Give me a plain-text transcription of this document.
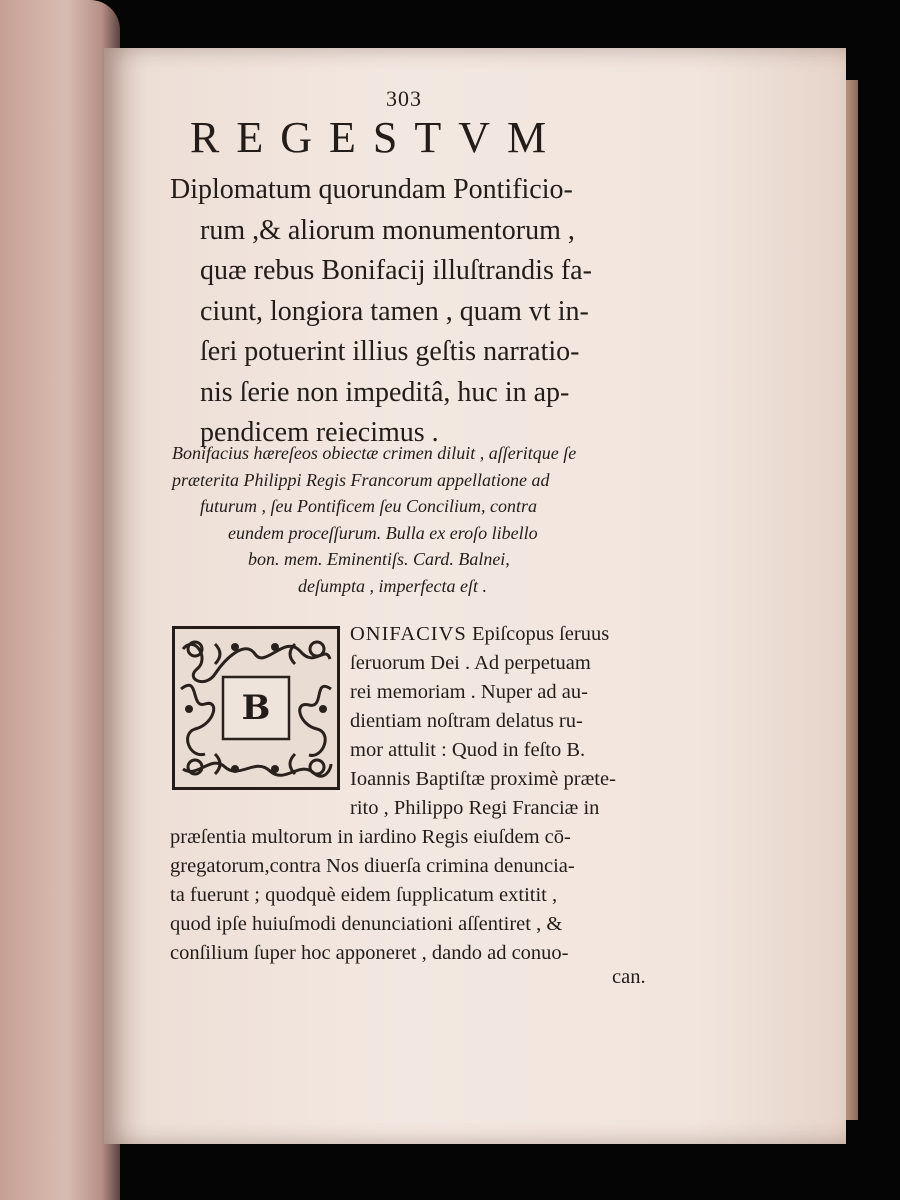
303
REGESTVM
Diplomatum quorundam Pontificio-
rum ,& aliorum monumentorum ,
quæ rebus Bonifacij illuſtrandis fa-
ciunt, longiora tamen , quam vt in-
ſeri potuerint illius geſtis narratio-
nis ſerie non impeditâ, huc in ap-
pendicem reiecimus .
Bonifacius hæreſeos obiectæ crimen diluit , aſſeritque ſe
præterita Philippi Regis Francorum appellatione ad
futurum , ſeu Pontificem ſeu Concilium, contra
eundem proceſſurum. Bulla ex eroſo libello
bon. mem. Eminentiſs. Card. Balnei,
deſumpta , imperfecta eſt .
B
ONIFACIVS Epiſcopus ſeruus
ſeruorum Dei . Ad perpetuam
rei memoriam . Nuper ad au-
dientiam noſtram delatus ru-
mor attulit : Quod in feſto B.
Ioannis Baptiſtæ proximè præte-
rito , Philippo Regi Franciæ in
præſentia multorum in iardino Regis eiuſdem cō-
gregatorum,contra Nos diuerſa crimina denuncia-
ta fuerunt ; quodquè eidem ſupplicatum extitit ,
quod ipſe huiuſmodi denunciationi aſſentiret , &
conſilium ſuper hoc apponeret , dando ad conuo-
can.
